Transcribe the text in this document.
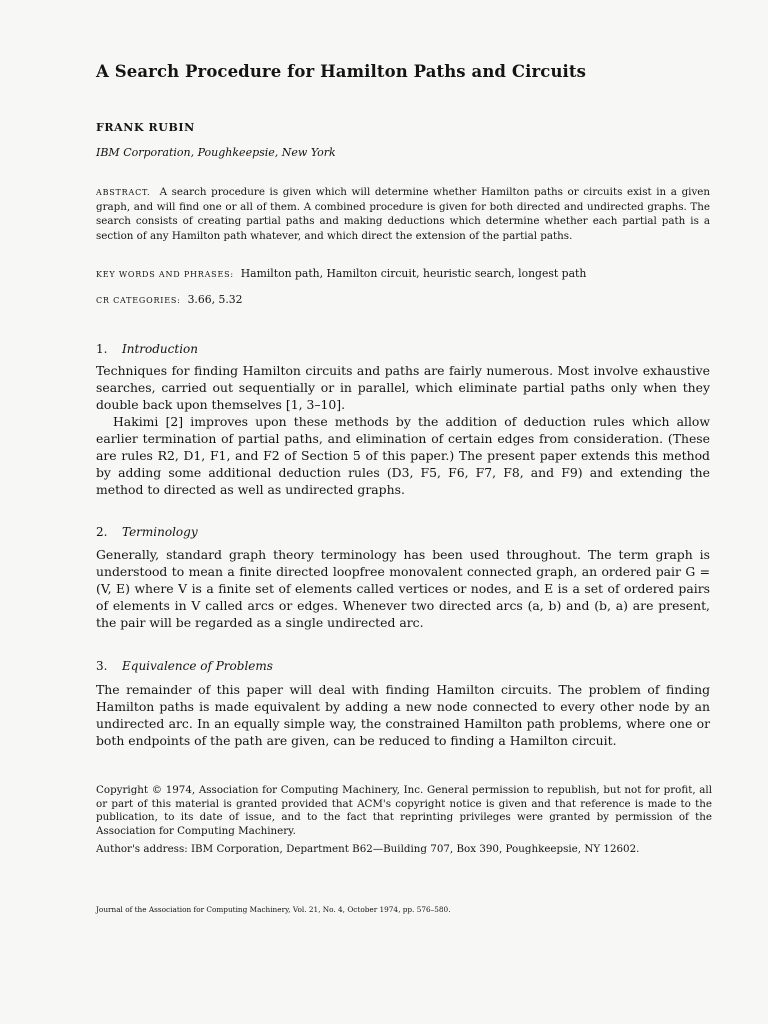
A Search Procedure for Hamilton Paths and Circuits
FRANK RUBIN
IBM Corporation, Poughkeepsie, New York
ABSTRACT. A search procedure is given which will determine whether Hamilton paths or circuits exist in a given graph, and will find one or all of them. A combined procedure is given for both directed and undirected graphs. The search consists of creating partial paths and making deductions which determine whether each partial path is a section of any Hamilton path whatever, and which direct the extension of the partial paths.
KEY WORDS AND PHRASES: Hamilton path, Hamilton circuit, heuristic search, longest path
CR CATEGORIES: 3.66, 5.32
1. Introduction

Techniques for finding Hamilton circuits and paths are fairly numerous. Most involve exhaustive searches, carried out sequentially or in parallel, which eliminate partial paths only when they double back upon themselves [1, 3–10].

Hakimi [2] improves upon these methods by the addition of deduction rules which allow earlier termination of partial paths, and elimination of certain edges from consideration. (These are rules R2, D1, F1, and F2 of Section 5 of this paper.) The present paper extends this method by adding some additional deduction rules (D3, F5, F6, F7, F8, and F9) and extending the method to directed as well as undirected graphs.

2. Terminology

Generally, standard graph theory terminology has been used throughout. The term graph is understood to mean a finite directed loopfree monovalent connected graph, an ordered pair G = (V, E) where V is a finite set of elements called vertices or nodes, and E is a set of ordered pairs of elements in V called arcs or edges. Whenever two directed arcs (a, b) and (b, a) are present, the pair will be regarded as a single undirected arc.

3. Equivalence of Problems

The remainder of this paper will deal with finding Hamilton circuits. The problem of finding Hamilton paths is made equivalent by adding a new node connected to every other node by an undirected arc. In an equally simple way, the constrained Hamilton path problems, where one or both endpoints of the path are given, can be reduced to finding a Hamilton circuit.

Copyright © 1974, Association for Computing Machinery, Inc. General permission to republish, but not for profit, all or part of this material is granted provided that ACM's copyright notice is given and that reference is made to the publication, to its date of issue, and to the fact that reprinting privileges were granted by permission of the Association for Computing Machinery.

Author's address: IBM Corporation, Department B62—Building 707, Box 390, Poughkeepsie, NY 12602.

Journal of the Association for Computing Machinery, Vol. 21, No. 4, October 1974, pp. 576–580.
